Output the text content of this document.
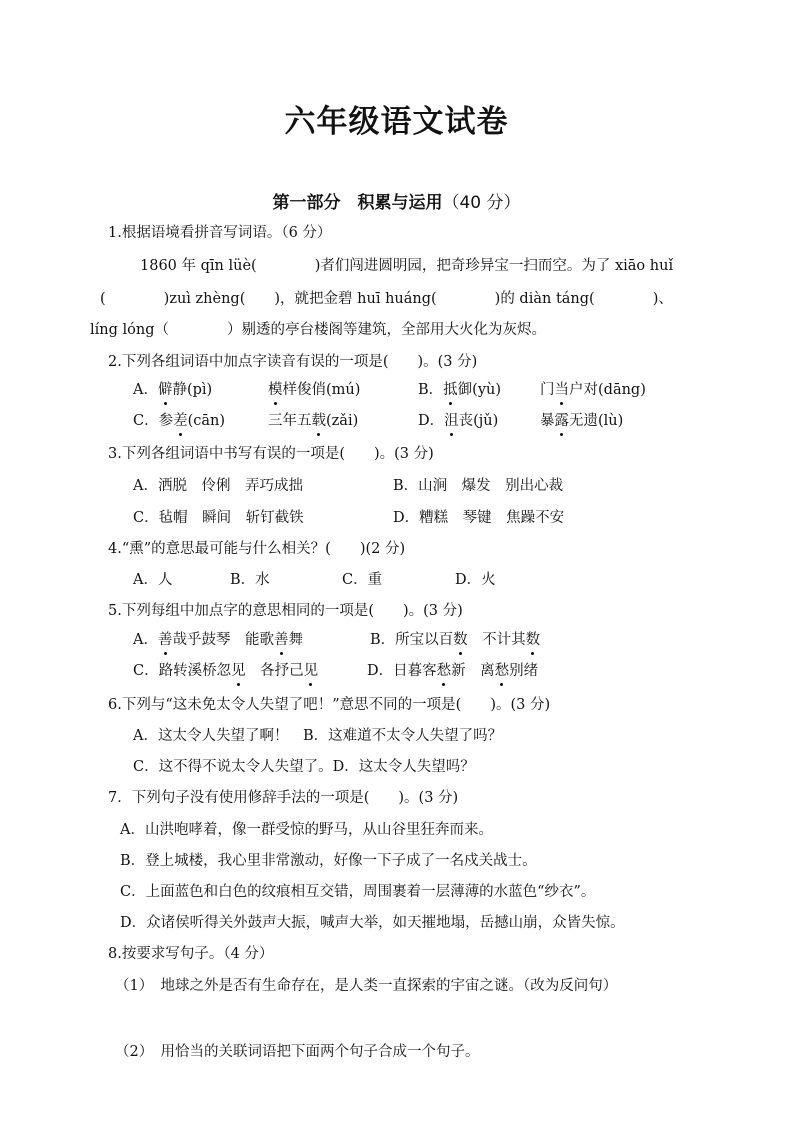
六年级语文试卷
第一部分　积累与运用（40 分）
1.根据语境看拼音写词语。（6 分）
1860 年 qīn lüè(　　　　)者们闯进圆明园，把奇珍异宝一扫而空。为了 xiāo huǐ
(　　　　)zuì zhèng(　　)，就把金碧 huī huáng(　　　　)的 diàn táng(　　　　)、
líng lóng（　　　　）剔透的亭台楼阁等建筑，全部用大火化为灰烬。
2.下列各组词语中加点字读音有误的一项是(　　)。(3 分)
A．僻静(pì)	模样俊俏(mú)	B．抵御(yù)	门当户对(dāng)
C．参差(cān)	三年五载(zǎi)	D．沮丧(jǔ)	暴露无遗(lù)
3.下列各组词语中书写有误的一项是(　　)。(3 分)
A．洒脱　伶俐　弄巧成拙	B．山涧　爆发　别出心裁
C．毡帽　瞬间　斩钉截铁	D．糟糕　琴键　焦躁不安
4.“熏”的意思最可能与什么相关？(　　)(2 分)
A．人	B．水	C．重	D．火
5.下列每组中加点字的意思相同的一项是(　　)。(3 分)
A．善哉乎鼓琴　能歌善舞	B．所宝以百数　不计其数
C．路转溪桥忽见　各抒己见	D．日暮客愁新　离愁别绪
6.下列与“这未免太令人失望了吧！”意思不同的一项是(　　)。(3 分)
A．这太令人失望了啊！　B．这难道不太令人失望了吗？
C．这不得不说太令人失望了。D．这太令人失望吗？
7．下列句子没有使用修辞手法的一项是(　　)。(3 分)
A．山洪咆哮着，像一群受惊的野马，从山谷里狂奔而来。
B．登上城楼，我心里非常激动，好像一下子成了一名戍关战士。
C．上面蓝色和白色的纹痕相互交错，周围裹着一层薄薄的水蓝色“纱衣”。
D．众诸侯听得关外鼓声大振，喊声大举，如天摧地塌，岳撼山崩，众皆失惊。
8.按要求写句子。（4 分）
（1）　地球之外是否有生命存在，是人类一直探索的宇宙之谜。（改为反问句）
（2）　用恰当的关联词语把下面两个句子合成一个句子。
